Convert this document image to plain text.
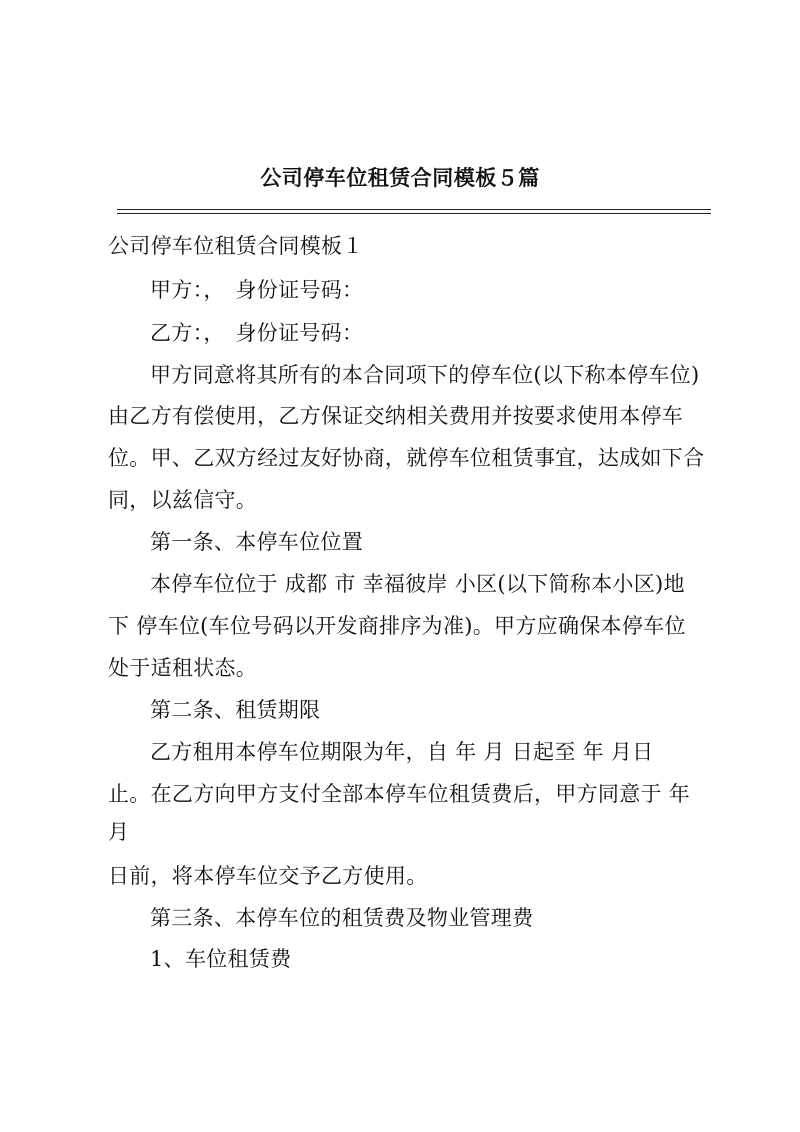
公司停车位租赁合同模板５篇
公司停车位租赁合同模板１
甲方：，　身份证号码：
乙方：，　身份证号码：
甲方同意将其所有的本合同项下的停车位(以下称本停车位)
由乙方有偿使用，乙方保证交纳相关费用并按要求使用本停车
位。甲、乙双方经过友好协商，就停车位租赁事宜，达成如下合
同，以兹信守。
第一条、本停车位位置
本停车位位于 成都 市 幸福彼岸 小区(以下简称本小区)地
下 停车位(车位号码以开发商排序为准)。甲方应确保本停车位
处于适租状态。
第二条、租赁期限
乙方租用本停车位期限为年，自 年 月 日起至 年 月日
止。在乙方向甲方支付全部本停车位租赁费后，甲方同意于 年
月
日前，将本停车位交予乙方使用。
第三条、本停车位的租赁费及物业管理费
1、车位租赁费
